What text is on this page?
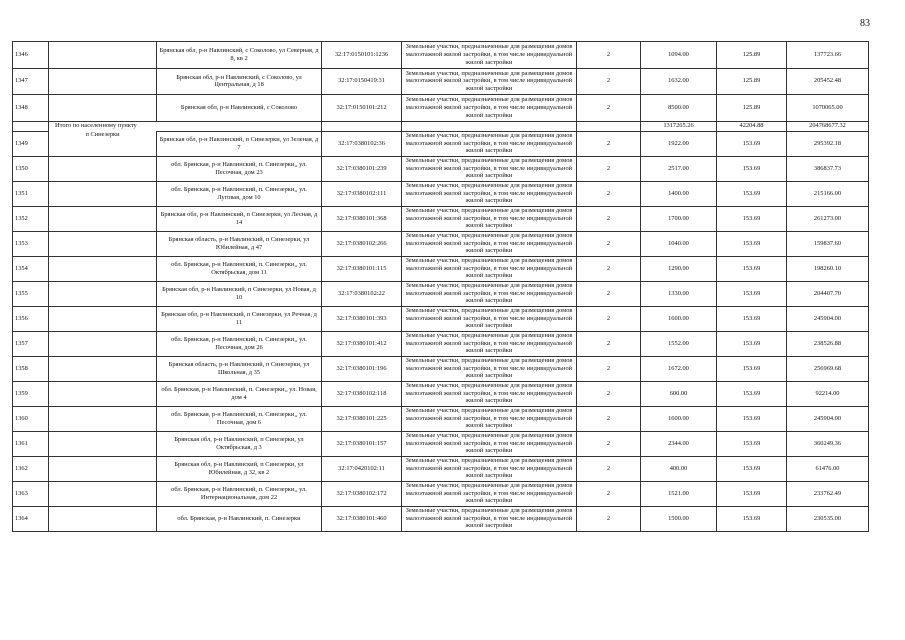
83
1346		Брянская обл, р-н Навлинский, с Соколово, ул Северная, д 8, кв 2	32:17:0150101:1236	Земельные участки, предназначенные для размещения домов малоэтажной жилой застройки, в том числе индивидуальной жилой застройки	2	1094.00	125.89	137723.66
1347		Брянская обл, р-н Навлинский, с Соколово, ул Центральная, д 18	32:17:0150419:31	Земельные участки, предназначенные для размещения домов малоэтажной жилой застройки, в том числе индивидуальной жилой застройки	2	1632.00	125.89	205452.48
1348		Брянская обл, р-н Навлинский, с Соколово	32:17:0150101:212	Земельные участки, предназначенные для размещения домов малоэтажной жилой застройки, в том числе индивидуальной жилой застройки	2	8500.00	125.89	1070065.00
	Итого по населенному пункту					1317265.26	42204.88	204768677.32
1349	п Синезерки	Брянская обл, р-н Навлинский, п Синезерки, ул Зеленая, д 7	32:17:0380102:36	Земельные участки, предназначенные для размещения домов малоэтажной жилой застройки, в том числе индивидуальной жилой застройки	2	1922.00	153.69	295392.18
1350		обл. Брянская, р-н Навлинский, п. Синезерки,, ул. Песочная, дом 23	32:17:0380101:239	Земельные участки, предназначенные для размещения домов малоэтажной жилой застройки, в том числе индивидуальной жилой застройки	2	2517.00	153.69	386837.73
1351		обл. Брянская, р-н Навлинский, п. Синезерки,, ул. Луговая, дом 10	32:17:0380102:111	Земельные участки, предназначенные для размещения домов малоэтажной жилой застройки, в том числе индивидуальной жилой застройки	2	1400.00	153.69	215166.00
1352		Брянская обл, р-н Навлинский, п Синезерки, ул Лесная, д 14	32:17:0380101:368	Земельные участки, предназначенные для размещения домов малоэтажной жилой застройки, в том числе индивидуальной жилой застройки	2	1700.00	153.69	261273.00
1353		Брянская область, р-н Навлинский, п Синезерки, ул Юбилейная, д 47	32:17:0380102:266	Земельные участки, предназначенные для размещения домов малоэтажной жилой застройки, в том числе индивидуальной жилой застройки	2	1040.00	153.69	159837.60
1354		обл. Брянская, р-н Навлинский, п. Синезерки,, ул. Октябрьская, дом 11	32:17:0380101:115	Земельные участки, предназначенные для размещения домов малоэтажной жилой застройки, в том числе индивидуальной жилой застройки	2	1290.00	153.69	198260.10
1355		Брянская обл, р-н Навлинский, п Синезерки, ул Новая, д 10	32:17:0380102:22	Земельные участки, предназначенные для размещения домов малоэтажной жилой застройки, в том числе индивидуальной жилой застройки	2	1330.00	153.69	204407.70
1356		Брянская обл, р-н Навлинский, п Синезерки, ул Речная, д 11	32:17:0380101:393	Земельные участки, предназначенные для размещения домов малоэтажной жилой застройки, в том числе индивидуальной жилой застройки	2	1600.00	153.69	245904.00
1357		обл. Брянская, р-н Навлинский, п. Синезерки,, ул. Песочная, дом 26	32:17:0380101:412	Земельные участки, предназначенные для размещения домов малоэтажной жилой застройки, в том числе индивидуальной жилой застройки	2	1552.00	153.69	238526.88
1358		Брянская область, р-н Навлинский, п Синезерки, ул Школьная, д 35	32:17:0380101:196	Земельные участки, предназначенные для размещения домов малоэтажной жилой застройки, в том числе индивидуальной жилой застройки	2	1672.00	153.69	256969.68
1359		обл. Брянская, р-н Навлинский, п. Синезерки,, ул. Новая, дом 4	32:17:0380102:118	Земельные участки, предназначенные для размещения домов малоэтажной жилой застройки, в том числе индивидуальной жилой застройки	2	600.00	153.69	92214.00
1360		обл. Брянская, р-н Навлинский, п. Синезерки,, ул. Песочная, дом 6	32:17:0380101:225	Земельные участки, предназначенные для размещения домов малоэтажной жилой застройки, в том числе индивидуальной жилой застройки	2	1600.00	153.69	245904.00
1361		Брянская обл, р-н Навлинский, п Синезерки, ул Октябрьская, д 3	32:17:0380101:157	Земельные участки, предназначенные для размещения домов малоэтажной жилой застройки, в том числе индивидуальной жилой застройки	2	2344.00	153.69	360249.36
1362		Брянская обл, р-н Навлинский, п Синезерки, ул Юбилейная, д 32, кв 2	32:17:0420102:11	Земельные участки, предназначенные для размещения домов малоэтажной жилой застройки, в том числе индивидуальной жилой застройки	2	400.00	153.69	61476.00
1363		обл. Брянская, р-н Навлинский, п. Синезерки,, ул. Интернациональная, дом 22	32:17:0380102:172	Земельные участки, предназначенные для размещения домов малоэтажной жилой застройки, в том числе индивидуальной жилой застройки	2	1521.00	153.69	233762.49
1364		обл. Брянская, р-н Навлинский, п. Синезерки	32:17:0380101:460	Земельные участки, предназначенные для размещения домов малоэтажной жилой застройки, в том числе индивидуальной жилой застройки	2	1500.00	153.69	230535.00
